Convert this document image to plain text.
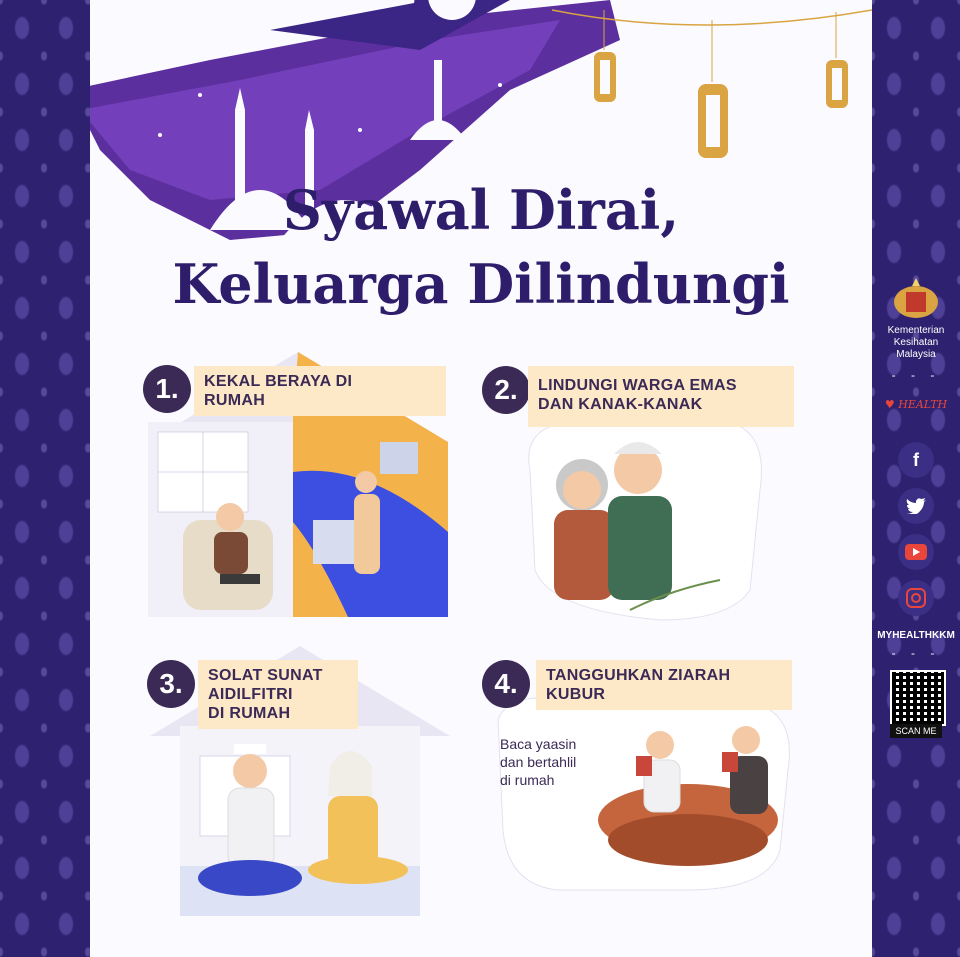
Syawal Dirai,
Keluarga Dilindungi
1.	KEKAL BERAYA DI
RUMAH	2.	LINDUNGI WARGA EMAS
DAN KANAK-KANAK
3.	SOLAT SUNAT
AIDILFITRI
DI RUMAH
4.	TANGGUHKAN ZIARAH
KUBUR
Baca yaasin
dan bertahlil
di rumah
Kementerian
Kesihatan
Malaysia
- - -
♥ HEALTH
f
MYHEALTHKKM
- - -
SCAN ME
